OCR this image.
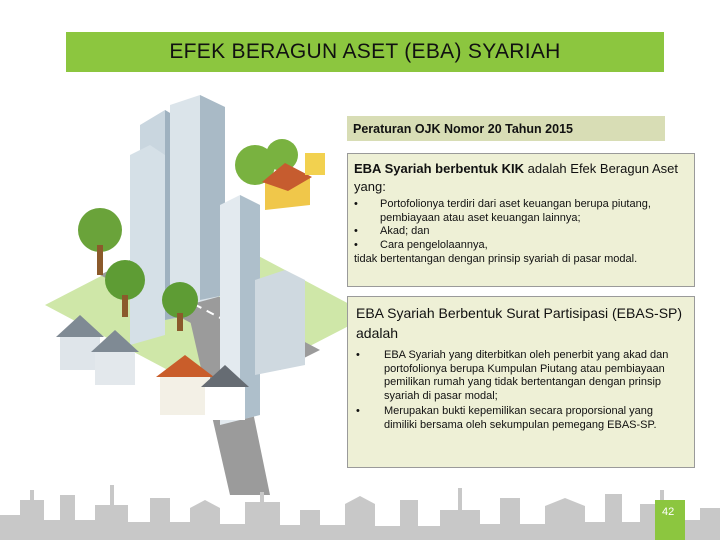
EFEK BERAGUN ASET (EBA) SYARIAH
Peraturan OJK Nomor 20 Tahun 2015
EBA Syariah berbentuk KIK adalah Efek Beragun Aset yang:
• Portofolionya terdiri dari aset keuangan berupa piutang, pembiayaan atau aset keuangan lainnya;
• Akad; dan
• Cara pengelolaannya,
tidak bertentangan dengan prinsip syariah di pasar modal.
EBA Syariah Berbentuk Surat Partisipasi (EBAS-SP) adalah
• EBA Syariah yang diterbitkan oleh penerbit yang akad dan portofolionya berupa Kumpulan Piutang atau pembiayaan pemilikan rumah yang tidak bertentangan dengan prinsip syariah di pasar modal;
• Merupakan bukti kepemilikan secara proporsional yang dimiliki bersama oleh sekumpulan pemegang EBAS-SP.
42
